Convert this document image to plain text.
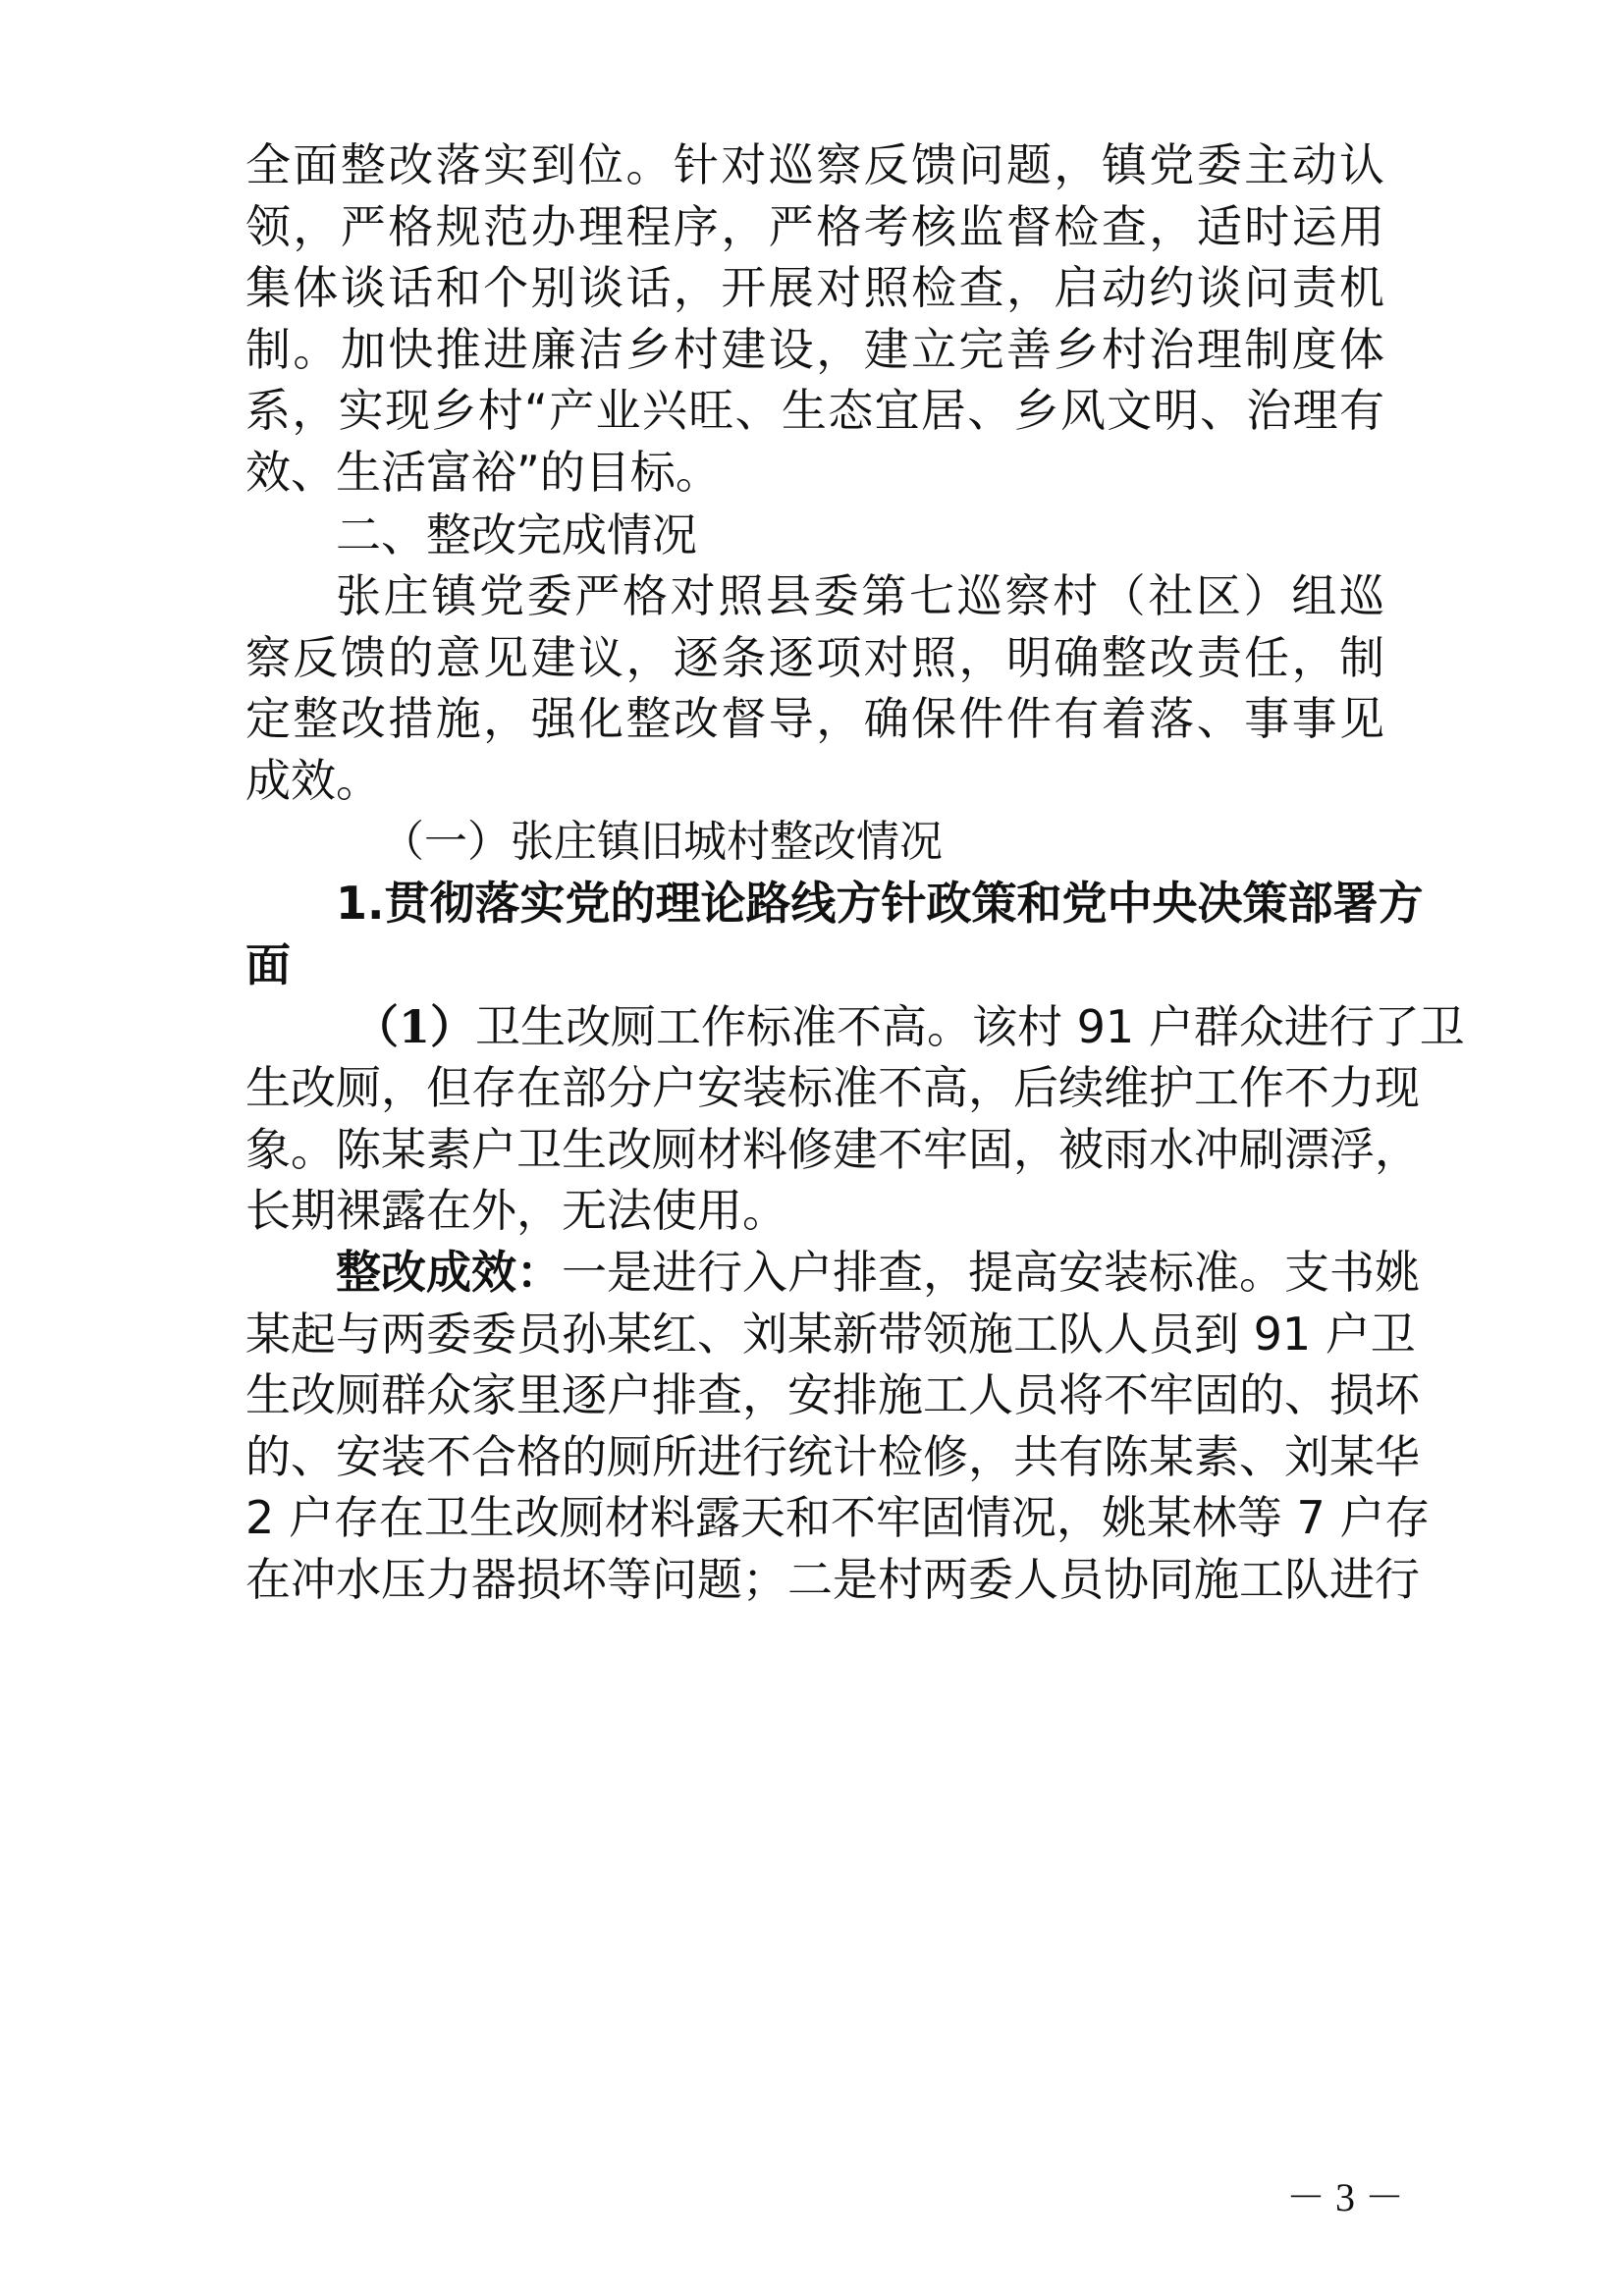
全面整改落实到位。针对巡察反馈问题，镇党委主动认
领，严格规范办理程序，严格考核监督检查，适时运用
集体谈话和个别谈话，开展对照检查，启动约谈问责机
制。加快推进廉洁乡村建设，建立完善乡村治理制度体
系，实现乡村“产业兴旺、生态宜居、乡风文明、治理有
效、生活富裕”的目标。
二、整改完成情况
张庄镇党委严格对照县委第七巡察村（社区）组巡
察反馈的意见建议，逐条逐项对照，明确整改责任，制
定整改措施，强化整改督导，确保件件有着落、事事见
成效。
（一）张庄镇旧城村整改情况
1.贯彻落实党的理论路线方针政策和党中央决策部署方
面
（1） 卫生改厕工作标准不高。该村 91 户群众进行了卫
生改厕，但存在部分户安装标准不高，后续维护工作不力现
象。陈某素户卫生改厕材料修建不牢固，被雨水冲刷漂浮，
长期裸露在外，无法使用。
整改成效： 一是进行入户排查，提高安装标准。支书姚
某起与两委委员孙某红、刘某新带领施工队人员到 91 户卫
生改厕群众家里逐户排查，安排施工人员将不牢固的、损坏
的、安装不合格的厕所进行统计检修，共有陈某素、刘某华
2 户存在卫生改厕材料露天和不牢固情况，姚某林等 7 户存
在冲水压力器损坏等问题；二是村两委人员协同施工队进行
－ 3 －
